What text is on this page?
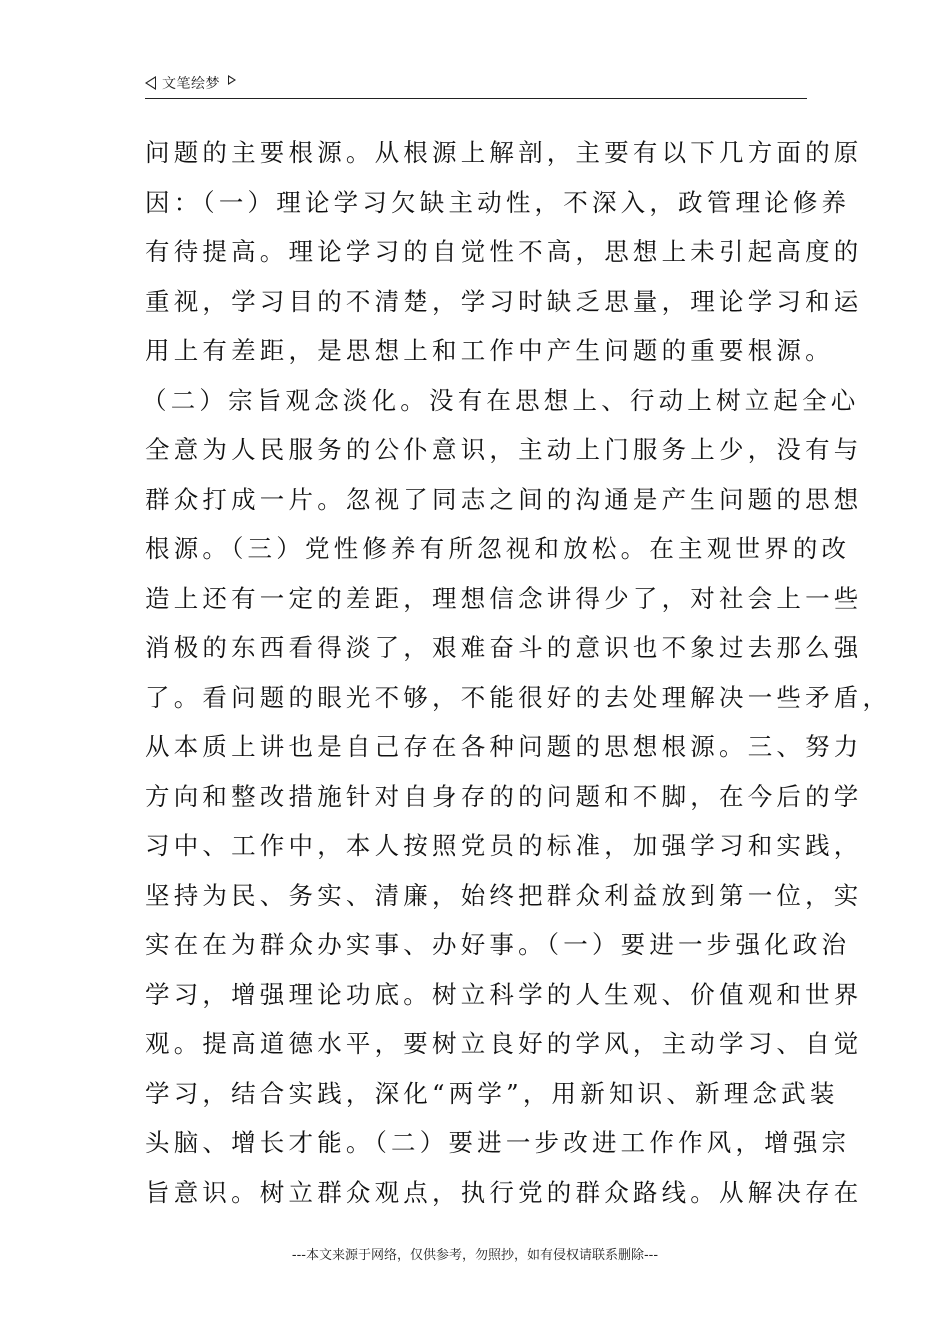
文笔绘梦
问题的主要根源。从根源上解剖，主要有以下几方面的原
因：（一）理论学习欠缺主动性，不深入，政管理论修养
有待提高。理论学习的自觉性不高，思想上未引起高度的
重视，学习目的不清楚，学习时缺乏思量，理论学习和运
用上有差距，是思想上和工作中产生问题的重要根源。
（二）宗旨观念淡化。没有在思想上、行动上树立起全心
全意为人民服务的公仆意识，主动上门服务上少，没有与
群众打成一片。忽视了同志之间的沟通是产生问题的思想
根源。（三）党性修养有所忽视和放松。在主观世界的改
造上还有一定的差距，理想信念讲得少了，对社会上一些
消极的东西看得淡了，艰难奋斗的意识也不象过去那么强
了。看问题的眼光不够，不能很好的去处理解决一些矛盾，
从本质上讲也是自己存在各种问题的思想根源。三、努力
方向和整改措施针对自身存的的问题和不脚，在今后的学
习中、工作中，本人按照党员的标准，加强学习和实践，
坚持为民、务实、清廉，始终把群众利益放到第一位，实
实在在为群众办实事、办好事。（一）要进一步强化政治
学习，增强理论功底。树立科学的人生观、价值观和世界
观。提高道德水平，要树立良好的学风，主动学习、自觉
学习，结合实践，深化“两学”，用新知识、新理念武装
头脑、增长才能。（二）要进一步改进工作作风，增强宗
旨意识。树立群众观点，执行党的群众路线。从解决存在
---本文来源于网络，仅供参考，勿照抄，如有侵权请联系删除---
